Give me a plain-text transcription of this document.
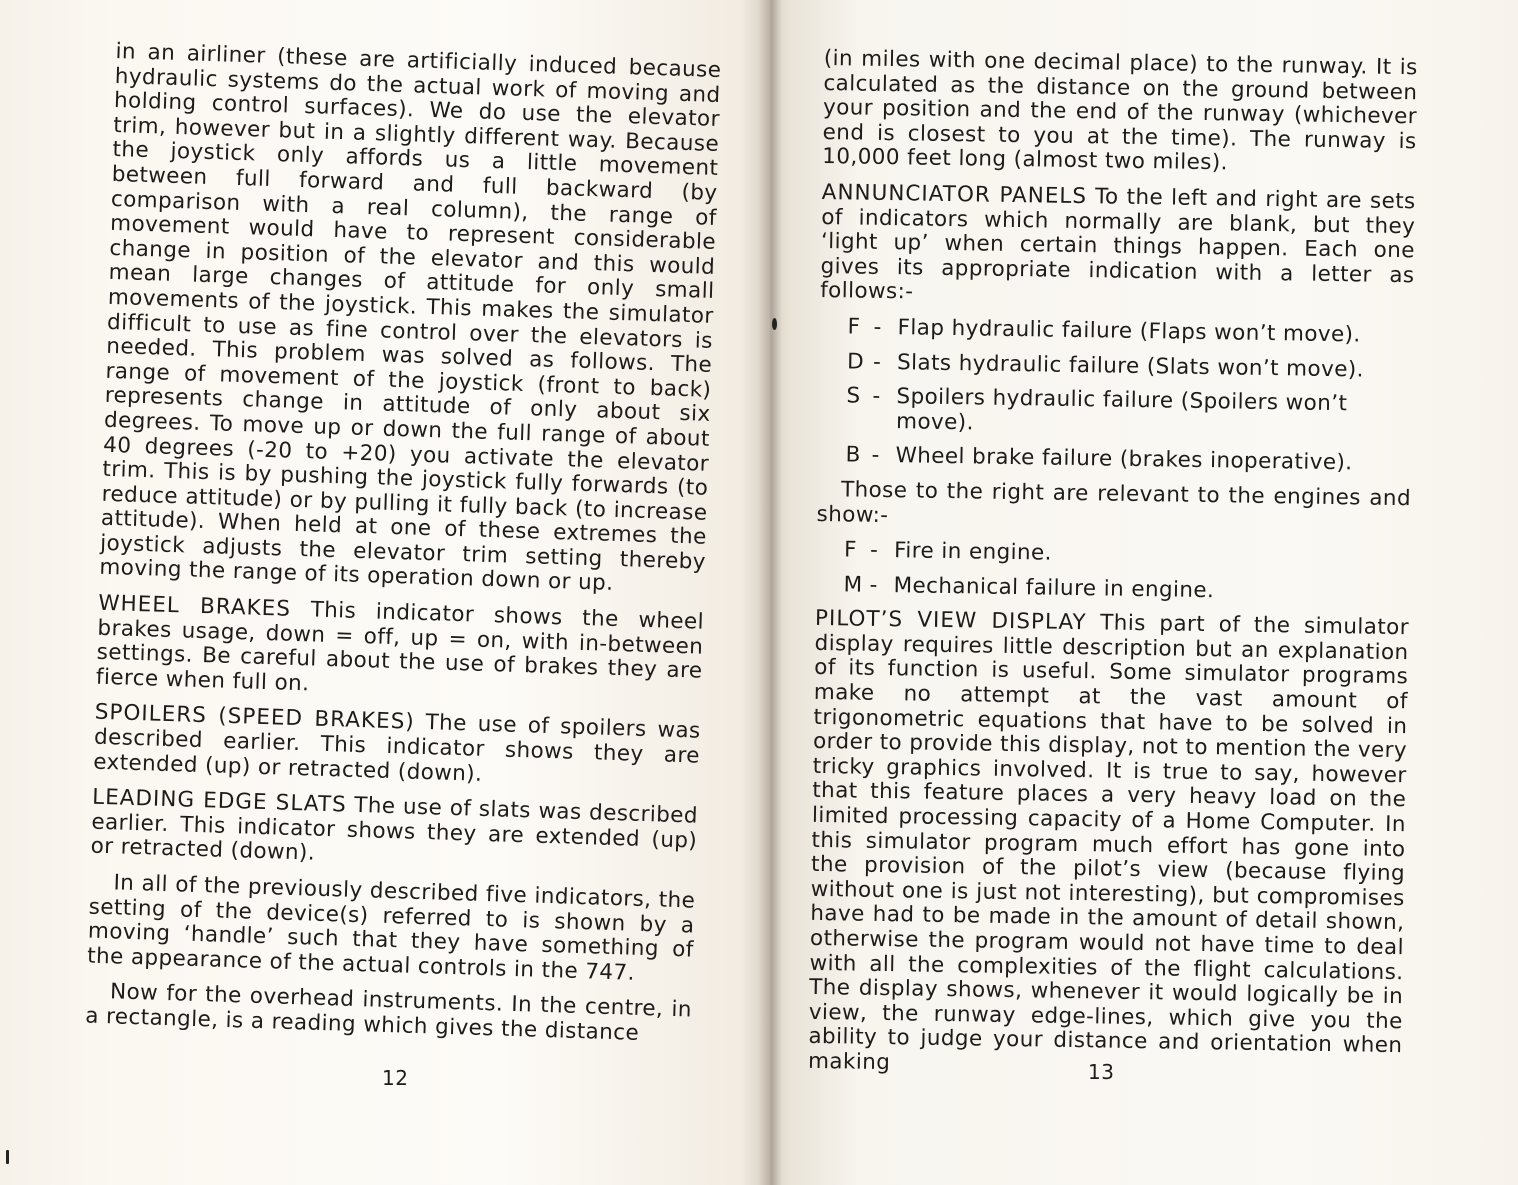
in an airliner (these are artificially induced because hydraulic systems do the actual work of moving and holding control surfaces). We do use the elevator trim, however but in a slightly different way. Because the joystick only affords us a little movement between full forward and full backward (by comparison with a real column), the range of movement would have to represent considerable change in position of the elevator and this would mean large changes of attitude for only small movements of the joystick. This makes the simulator difficult to use as fine control over the elevators is needed. This problem was solved as follows. The range of movement of the joystick (front to back) represents change in attitude of only about six degrees. To move up or down the full range of about 40 degrees (-20 to +20) you activate the elevator trim. This is by pushing the joystick fully forwards (to reduce attitude) or by pulling it fully back (to increase attitude). When held at one of these extremes the joystick adjusts the elevator trim setting thereby moving the range of its operation down or up.

WHEEL BRAKES This indicator shows the wheel brakes usage, down = off, up = on, with in-between settings. Be careful about the use of brakes they are fierce when full on.

SPOILERS (SPEED BRAKES) The use of spoilers was described earlier. This indicator shows they are extended (up) or retracted (down).

LEADING EDGE SLATS The use of slats was described earlier. This indicator shows they are extended (up) or retracted (down).

In all of the previously described five indicators, the setting of the device(s) referred to is shown by a moving ‘handle’ such that they have something of the appearance of the actual controls in the 747.

Now for the overhead instruments. In the centre, in a rectangle, is a reading which gives the distance

12

(in miles with one decimal place) to the runway. It is calculated as the distance on the ground between your position and the end of the runway (whichever end is closest to you at the time). The runway is 10,000 feet long (almost two miles).

ANNUNCIATOR PANELS To the left and right are sets of indicators which normally are blank, but they ‘light up’ when certain things happen. Each one gives its appropriate indication with a letter as follows:-

F - Flap hydraulic failure (Flaps won’t move).
D - Slats hydraulic failure (Slats won’t move).
S - Spoilers hydraulic failure (Spoilers won’t move).
B - Wheel brake failure (brakes inoperative).

Those to the right are relevant to the engines and show:-

F - Fire in engine.
M - Mechanical failure in engine.

PILOT’S VIEW DISPLAY This part of the simulator display requires little description but an explanation of its function is useful. Some simulator programs make no attempt at the vast amount of trigonometric equations that have to be solved in order to provide this display, not to mention the very tricky graphics involved. It is true to say, however that this feature places a very heavy load on the limited processing capacity of a Home Computer. In this simulator program much effort has gone into the provision of the pilot’s view (because flying without one is just not interesting), but compromises have had to be made in the amount of detail shown, otherwise the program would not have time to deal with all the complexities of the flight calculations. The display shows, whenever it would logically be in view, the runway edge-lines, which give you the ability to judge your distance and orientation when making	13
